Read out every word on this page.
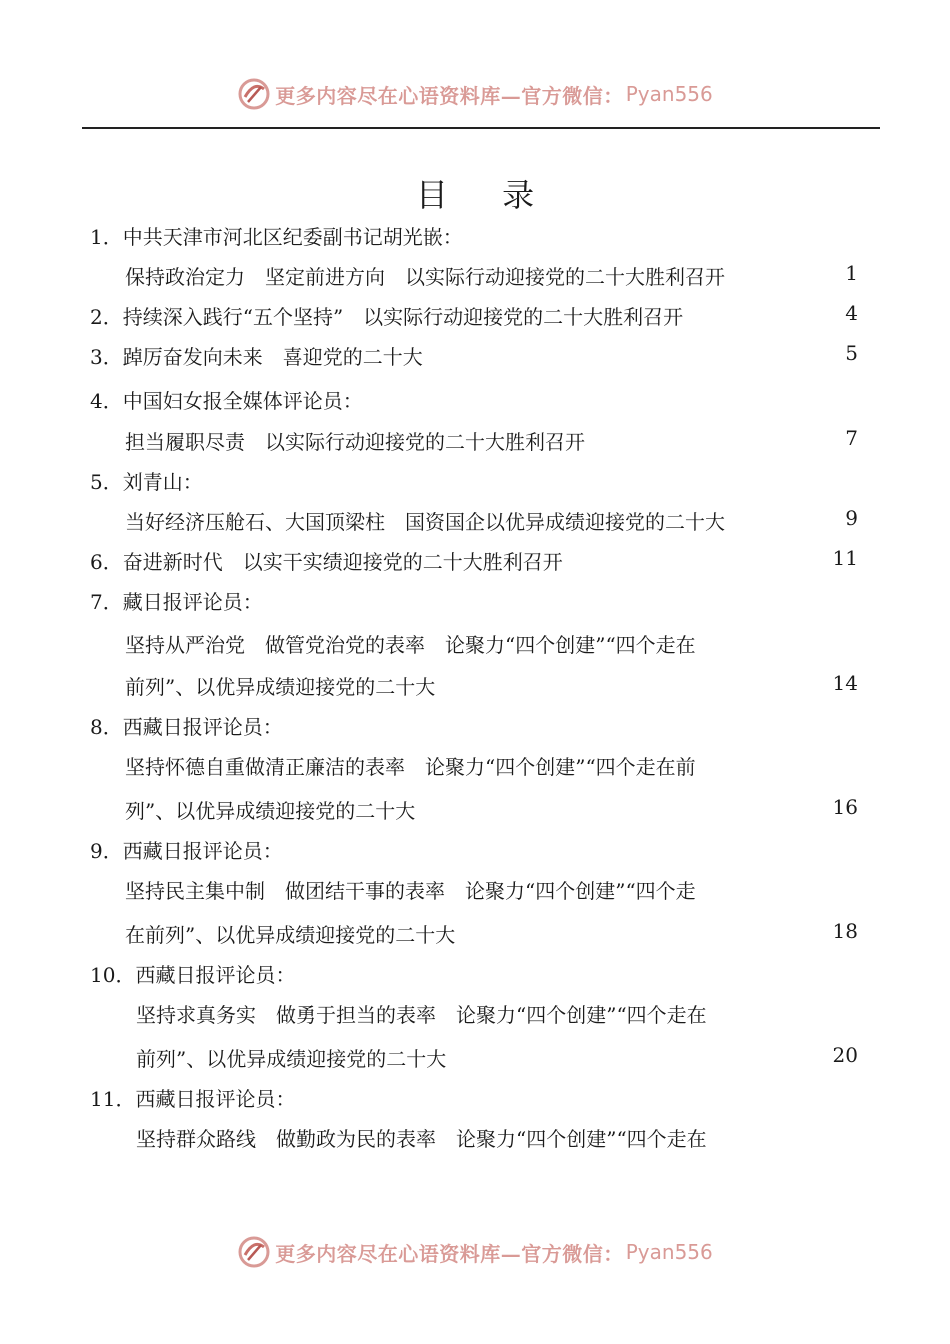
更多内容尽在心语资料库—官方微信： Pyan556
目 录
1．中共天津市河北区纪委副书记胡光嵌：
保持政治定力　坚定前进方向　以实际行动迎接党的二十大胜利召开	1
2．持续深入践行“五个坚持”　以实际行动迎接党的二十大胜利召开	4
3．踔厉奋发向未来　喜迎党的二十大	5
4．中国妇女报全媒体评论员：
担当履职尽责　以实际行动迎接党的二十大胜利召开	7
5．刘青山：
当好经济压舱石、大国顶梁柱　国资国企以优异成绩迎接党的二十大	9
6．奋进新时代　以实干实绩迎接党的二十大胜利召开	11
7．藏日报评论员：
坚持从严治党　做管党治党的表率　论聚力“四个创建”“四个走在
前列”、以优异成绩迎接党的二十大	14
8．西藏日报评论员：
坚持怀德自重做清正廉洁的表率　论聚力“四个创建”“四个走在前
列”、以优异成绩迎接党的二十大	16
9．西藏日报评论员：
坚持民主集中制　做团结干事的表率　论聚力“四个创建”“四个走
在前列”、以优异成绩迎接党的二十大	18
10．西藏日报评论员：
坚持求真务实　做勇于担当的表率　论聚力“四个创建”“四个走在
前列”、以优异成绩迎接党的二十大	20
11．西藏日报评论员：
坚持群众路线　做勤政为民的表率　论聚力“四个创建”“四个走在
更多内容尽在心语资料库—官方微信： Pyan556
